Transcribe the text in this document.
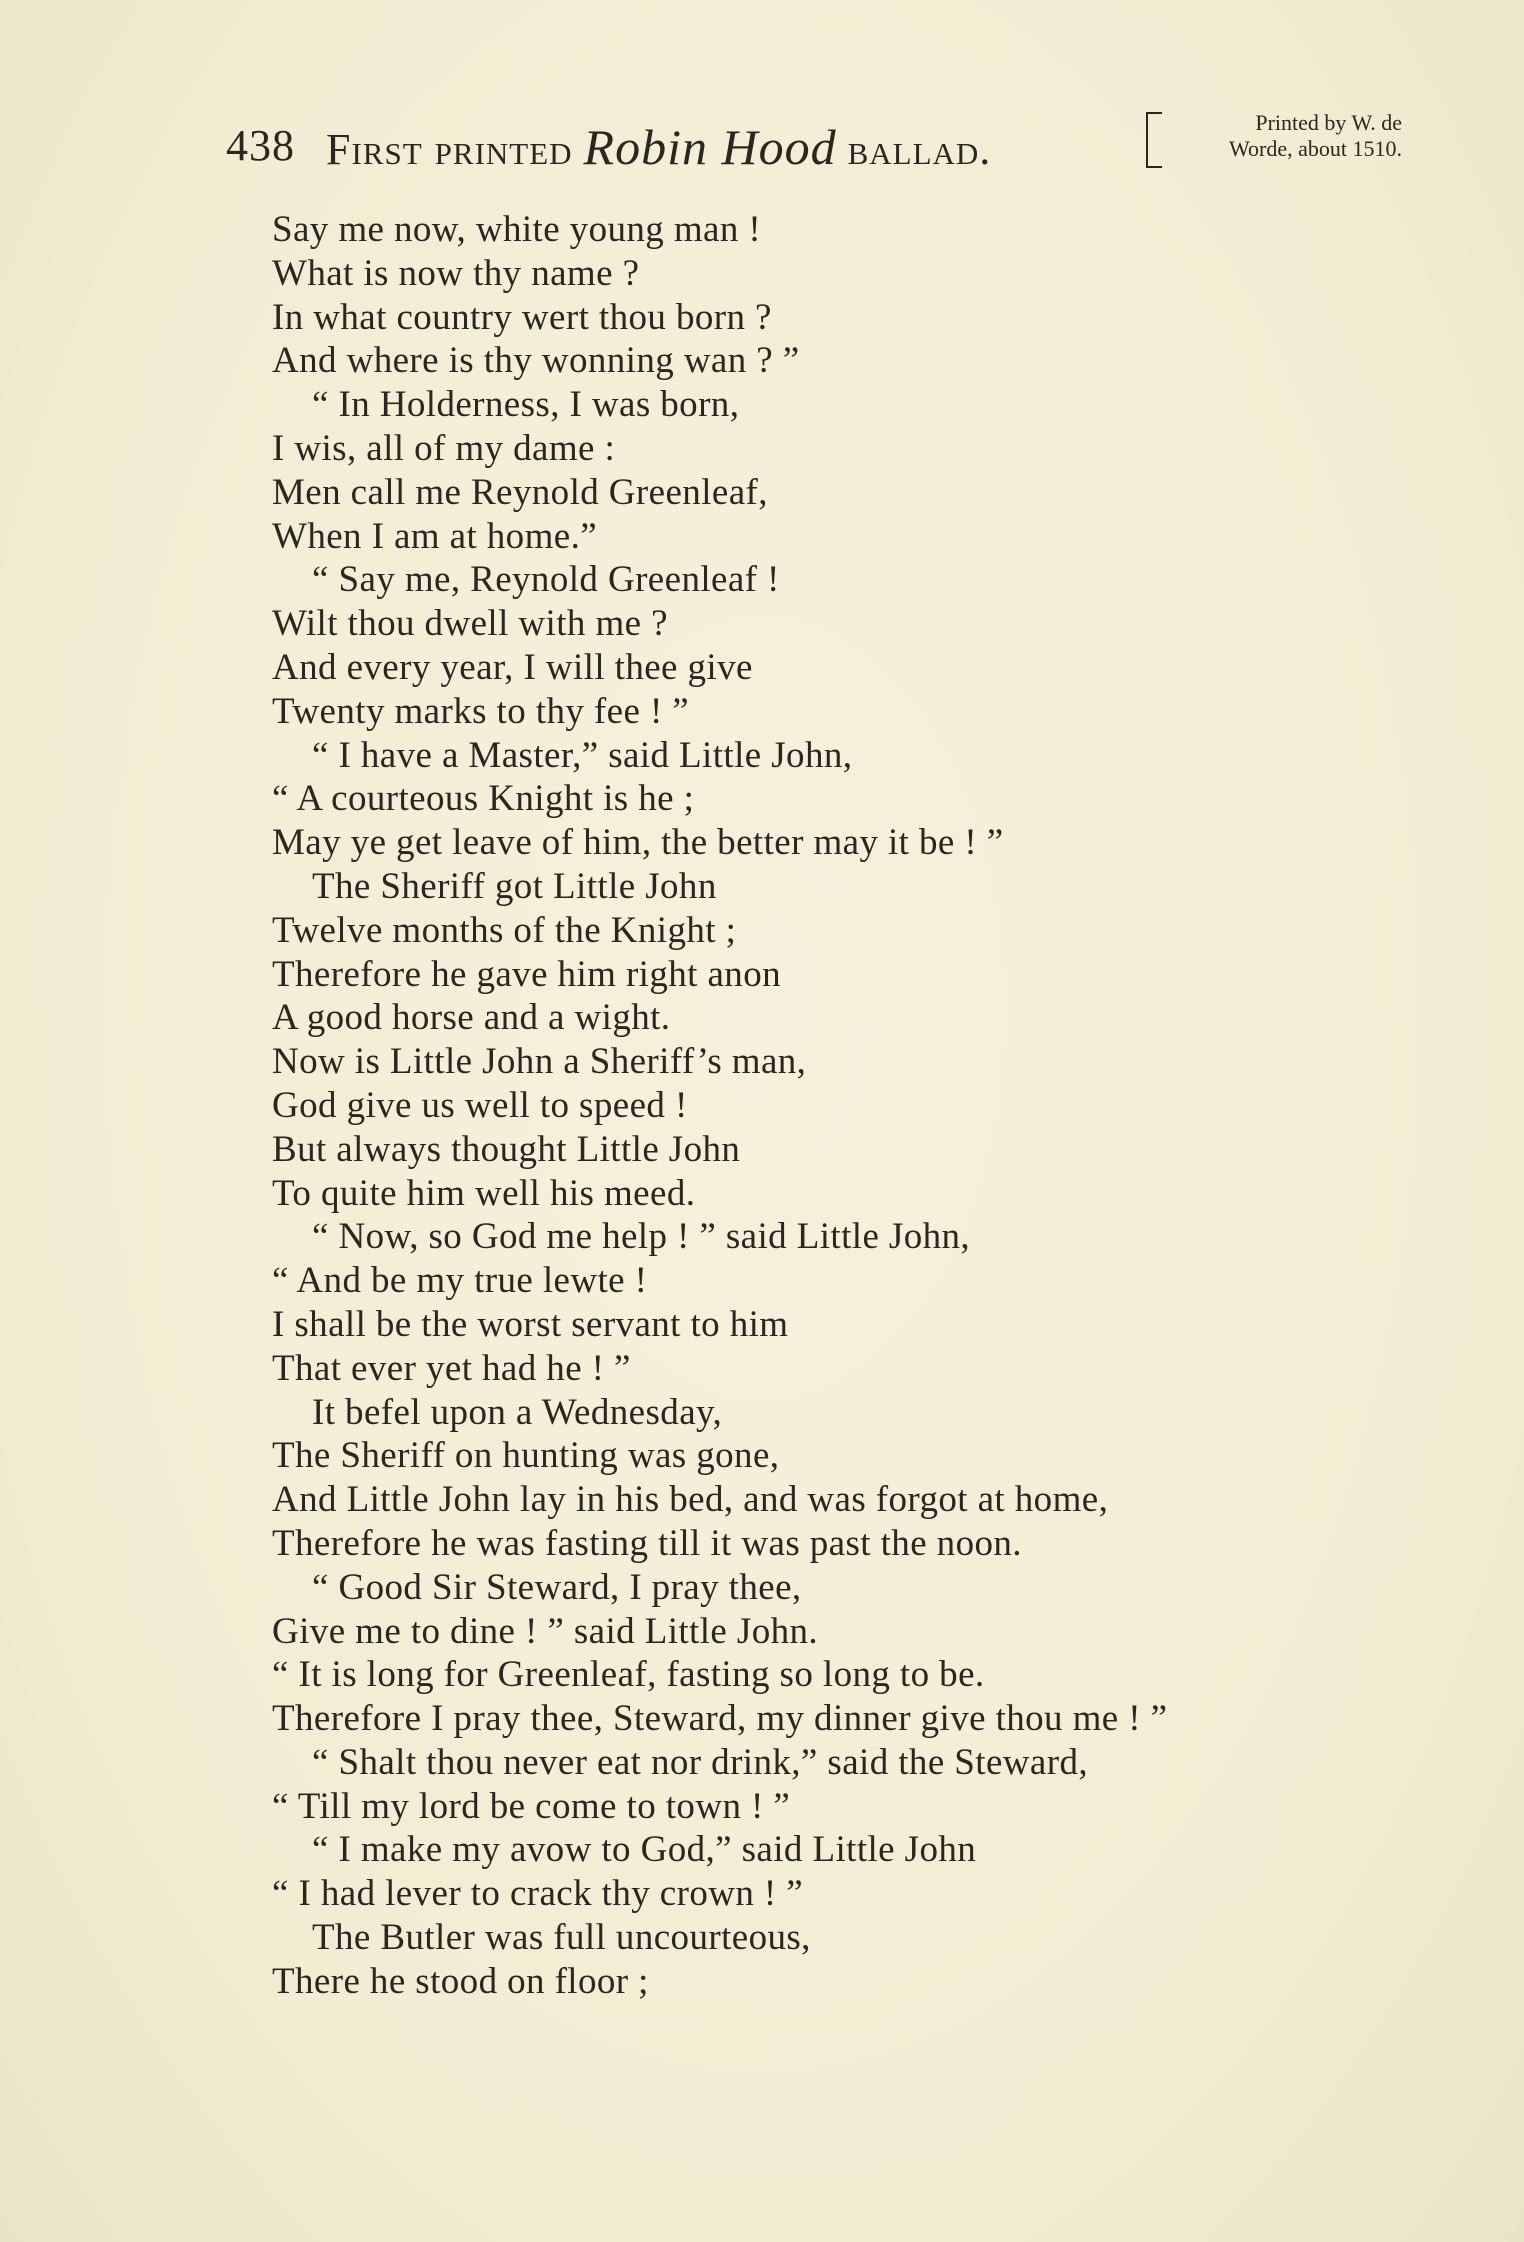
438 First printed Robin Hood ballad.
Printed by W. de
Worde, about 1510.
Say me now, white young man !
What is now thy name ?
In what country wert thou born ?
And where is thy wonning wan ? ”
“ In Holderness, I was born,
I wis, all of my dame :
Men call me Reynold Greenleaf,
When I am at home.”
“ Say me, Reynold Greenleaf !
Wilt thou dwell with me ?
And every year, I will thee give
Twenty marks to thy fee ! ”
“ I have a Master,” said Little John,
“ A courteous Knight is he ;
May ye get leave of him, the better may it be ! ”
The Sheriff got Little John
Twelve months of the Knight ;
Therefore he gave him right anon
A good horse and a wight.
Now is Little John a Sheriff’s man,
God give us well to speed !
But always thought Little John
To quite him well his meed.
“ Now, so God me help ! ” said Little John,
“ And be my true lewte !
I shall be the worst servant to him
That ever yet had he ! ”
It befel upon a Wednesday,
The Sheriff on hunting was gone,
And Little John lay in his bed, and was forgot at home,
Therefore he was fasting till it was past the noon.
“ Good Sir Steward, I pray thee,
Give me to dine ! ” said Little John.
“ It is long for Greenleaf, fasting so long to be.
Therefore I pray thee, Steward, my dinner give thou me ! ”
“ Shalt thou never eat nor drink,” said the Steward,
“ Till my lord be come to town ! ”
“ I make my avow to God,” said Little John
“ I had lever to crack thy crown ! ”
The Butler was full uncourteous,
There he stood on floor ;
